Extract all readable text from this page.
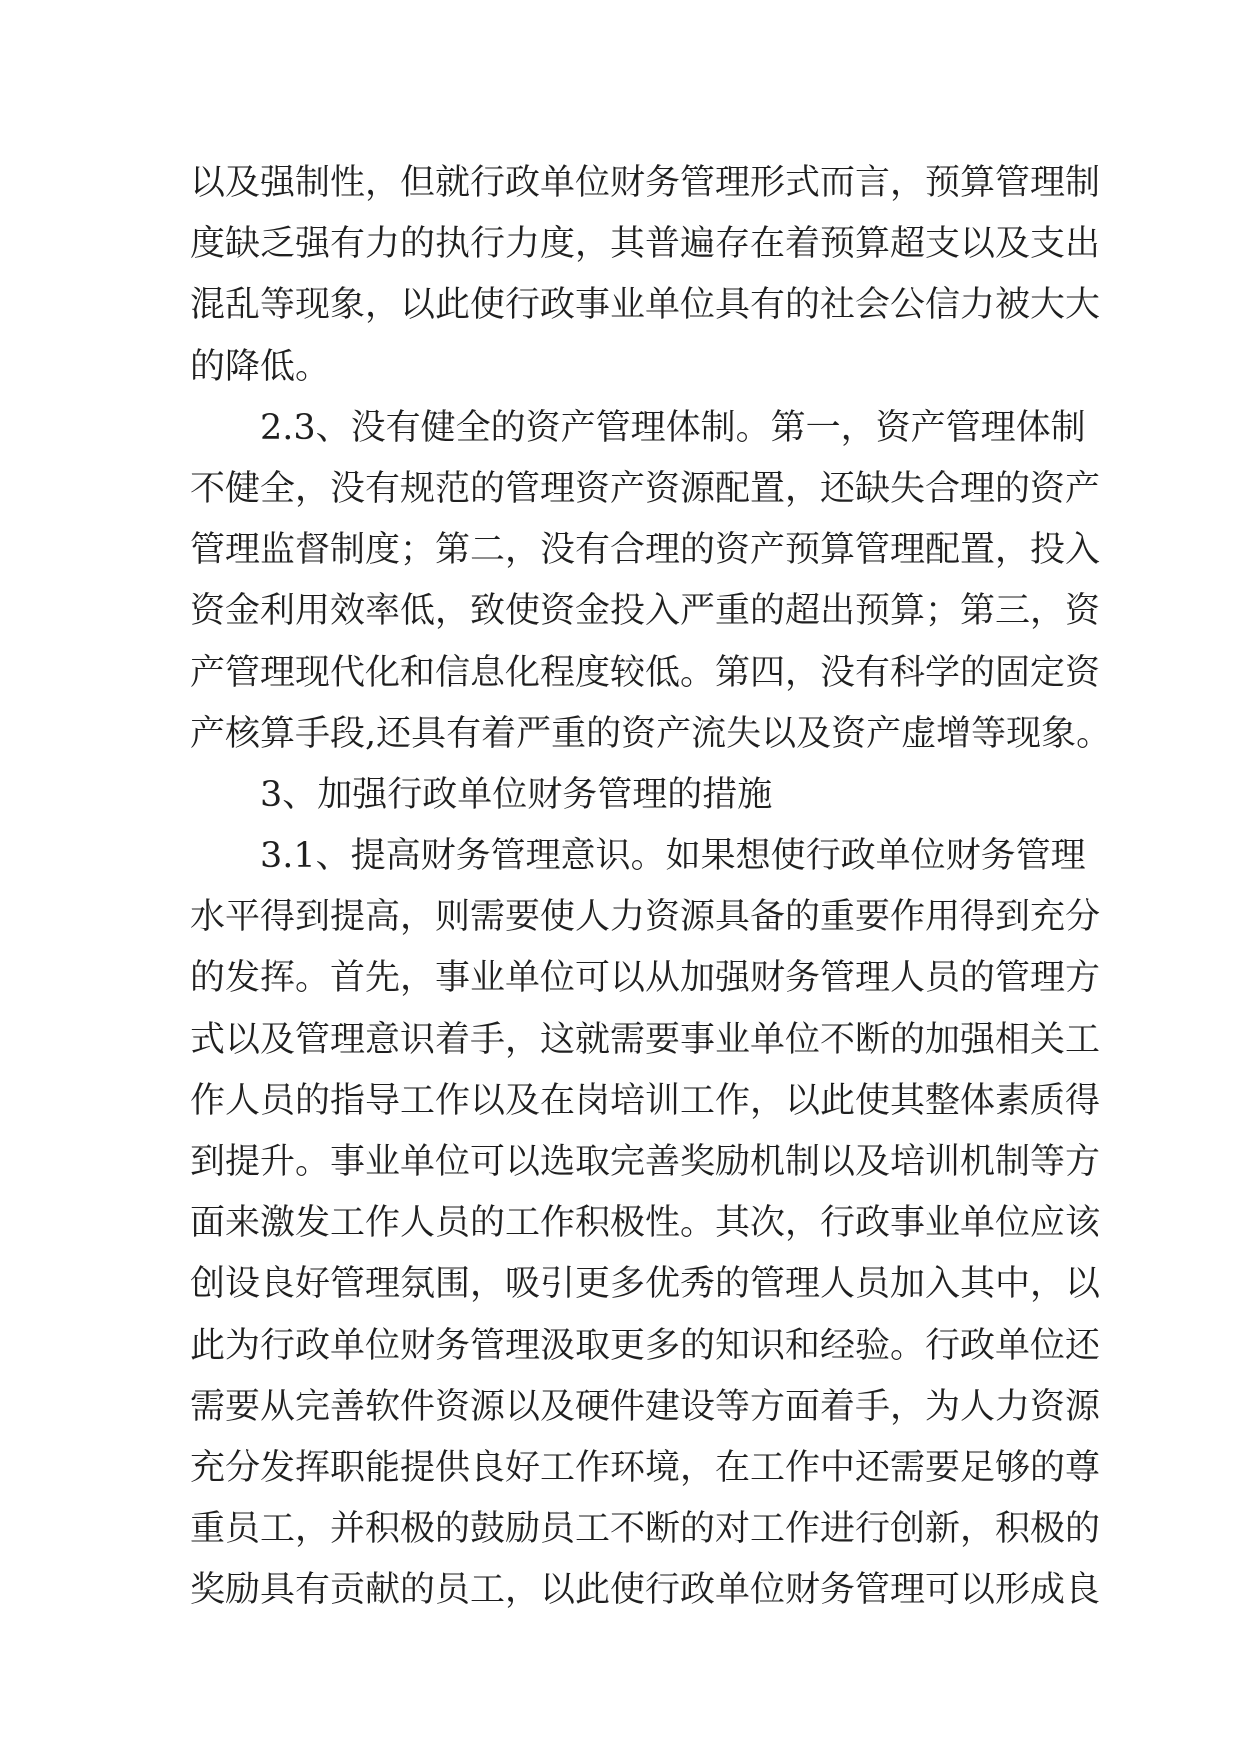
以及强制性，但就行政单位财务管理形式而言，预算管理制
度缺乏强有力的执行力度，其普遍存在着预算超支以及支出
混乱等现象，以此使行政事业单位具有的社会公信力被大大
的降低。
2.3、没有健全的资产管理体制。第一，资产管理体制
不健全，没有规范的管理资产资源配置，还缺失合理的资产
管理监督制度；第二，没有合理的资产预算管理配置，投入
资金利用效率低，致使资金投入严重的超出预算；第三，资
产管理现代化和信息化程度较低。第四，没有科学的固定资
产核算手段,还具有着严重的资产流失以及资产虚增等现象。
3、加强行政单位财务管理的措施
3.1、提高财务管理意识。如果想使行政单位财务管理
水平得到提高，则需要使人力资源具备的重要作用得到充分
的发挥。首先，事业单位可以从加强财务管理人员的管理方
式以及管理意识着手，这就需要事业单位不断的加强相关工
作人员的指导工作以及在岗培训工作，以此使其整体素质得
到提升。事业单位可以选取完善奖励机制以及培训机制等方
面来激发工作人员的工作积极性。其次，行政事业单位应该
创设良好管理氛围，吸引更多优秀的管理人员加入其中，以
此为行政单位财务管理汲取更多的知识和经验。行政单位还
需要从完善软件资源以及硬件建设等方面着手，为人力资源
充分发挥职能提供良好工作环境，在工作中还需要足够的尊
重员工，并积极的鼓励员工不断的对工作进行创新，积极的
奖励具有贡献的员工，以此使行政单位财务管理可以形成良
